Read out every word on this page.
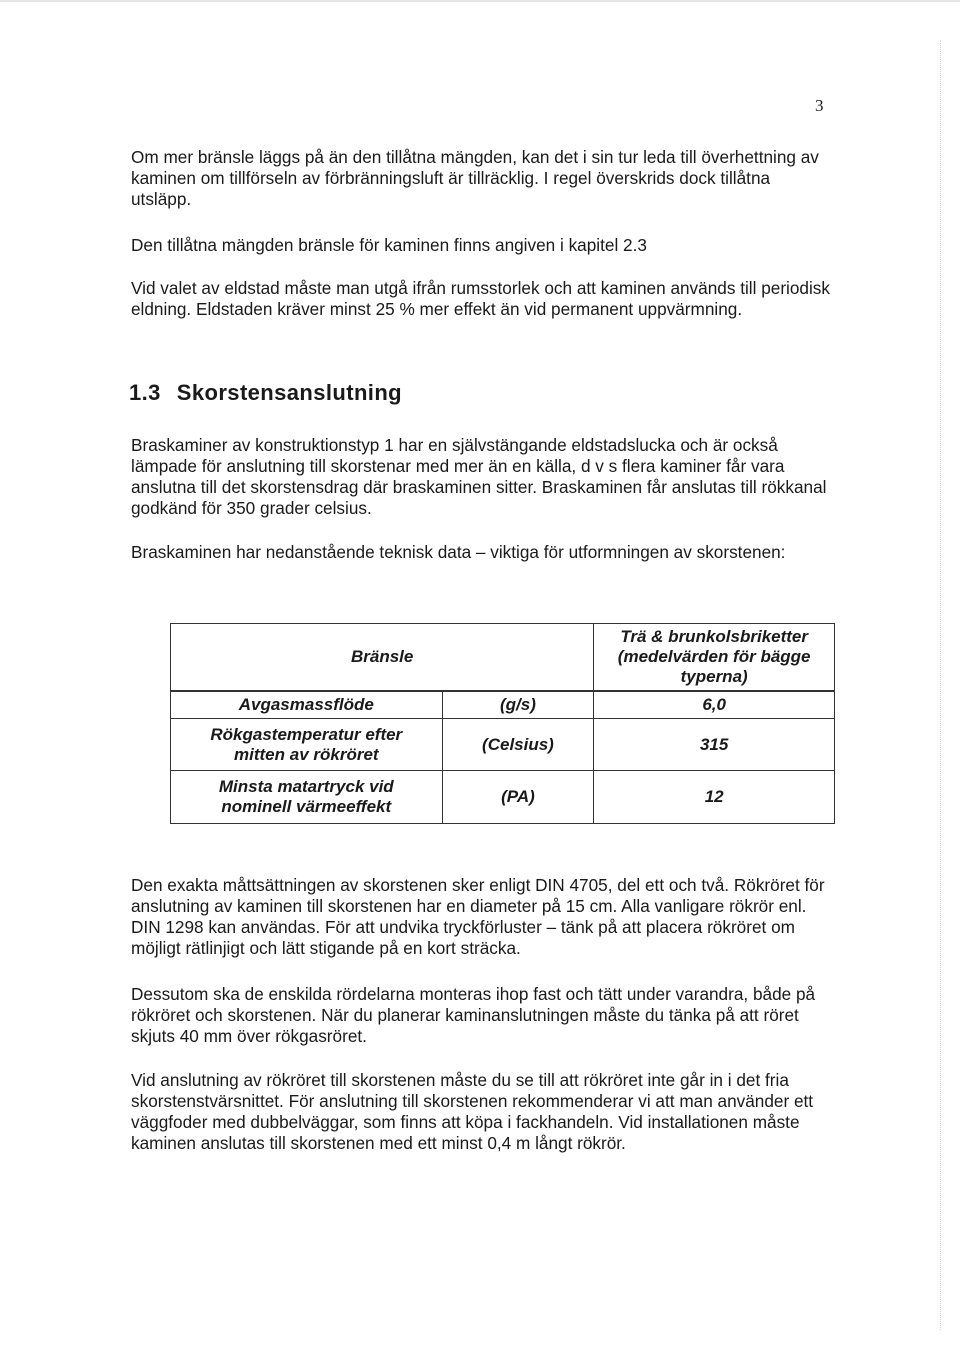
3

Om mer bränsle läggs på än den tillåtna mängden, kan det i sin tur leda till överhettning av kaminen om tillförseln av förbränningsluft är tillräcklig. I regel överskrids dock tillåtna utsläpp.

Den tillåtna mängden bränsle för kaminen finns angiven i kapitel 2.3

Vid valet av eldstad måste man utgå ifrån rumsstorlek och att kaminen används till periodisk eldning. Eldstaden kräver minst 25 % mer effekt än vid permanent uppvärmning.

1.3 Skorstensanslutning

Braskaminer av konstruktionstyp 1 har en självstängande eldstadslucka och är också lämpade för anslutning till skorstenar med mer än en källa, d v s flera kaminer får vara anslutna till det skorstensdrag där braskaminen sitter. Braskaminen får anslutas till rökkanal godkänd för 350 grader celsius.

Braskaminen har nedanstående teknisk data – viktiga för utformningen av skorstenen:

Bränsle		Trä & brunkolsbriketter
(medelvärden för bägge typerna)

Avgasmassflöde	(g/s)	6,0

Rökgastemperatur efter
mitten av rökröret	(Celsius)	315

Minsta matartryck vid
nominell värmeeffekt	(PA)	12

Den exakta måttsättningen av skorstenen sker enligt DIN 4705, del ett och två. Rökröret för anslutning av kaminen till skorstenen har en diameter på 15 cm. Alla vanligare rökrör enl. DIN 1298 kan användas. För att undvika tryckförluster – tänk på att placera rökröret om möjligt rätlinjigt och lätt stigande på en kort sträcka.

Dessutom ska de enskilda rördelarna monteras ihop fast och tätt under varandra, både på rökröret och skorstenen. När du planerar kaminanslutningen måste du tänka på att röret skjuts 40 mm över rökgasröret.

Vid anslutning av rökröret till skorstenen måste du se till att rökröret inte går in i det fria skorstenstvärsnittet. För anslutning till skorstenen rekommenderar vi att man använder ett väggfoder med dubbelväggar, som finns att köpa i fackhandeln. Vid installationen måste kaminen anslutas till skorstenen med ett minst 0,4 m långt rökrör.
